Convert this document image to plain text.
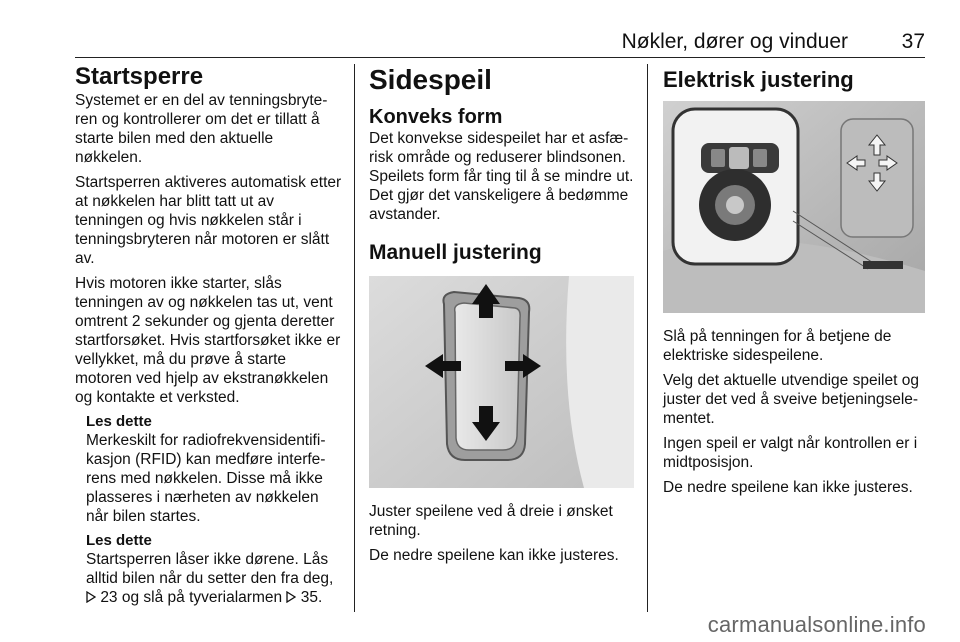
Nøkler, dører og vinduer	37
Startsperre

Systemet er en del av tenningsbryteren og kontrollerer om det er tillatt å starte bilen med den aktuelle nøkkelen.

Startsperren aktiveres automatisk etter at nøkkelen har blitt tatt ut av tenningen og hvis nøkkelen står i tenningsbryteren når motoren er slått av.

Hvis motoren ikke starter, slås tenningen av og nøkkelen tas ut, vent omtrent 2 sekunder og gjenta deretter startforsøket. Hvis startforsøket ikke er vellykket, må du prøve å starte motoren ved hjelp av ekstranøkkelen og kontakte et verksted.

Les dette

Merkeskilt for radiofrekvensidentifikasjon (RFID) kan medføre interferens med nøkkelen. Disse må ikke plasseres i nærheten av nøkkelen når bilen startes.

Les dette

Startsperren låser ikke dørene. Lås alltid bilen når du setter den fra deg,  23 og slå på tyverialarmen 35.

Sidespeil
Konveks form

Det konvekse sidespeilet har et asfærisk område og reduserer blindsonen. Speilets form får ting til å se mindre ut. Det gjør det vanskeligere å bedømme avstander.

Manuell justering

Juster speilene ved å dreie i ønsket retning.

De nedre speilene kan ikke justeres.

Elektrisk justering

Slå på tenningen for å betjene de elektriske sidespeilene.

Velg det aktuelle utvendige speilet og juster det ved å sveive betjeningselementet.

Ingen speil er valgt når kontrollen er i midtposisjon.

De nedre speilene kan ikke justeres.

carmanualsonline.info
